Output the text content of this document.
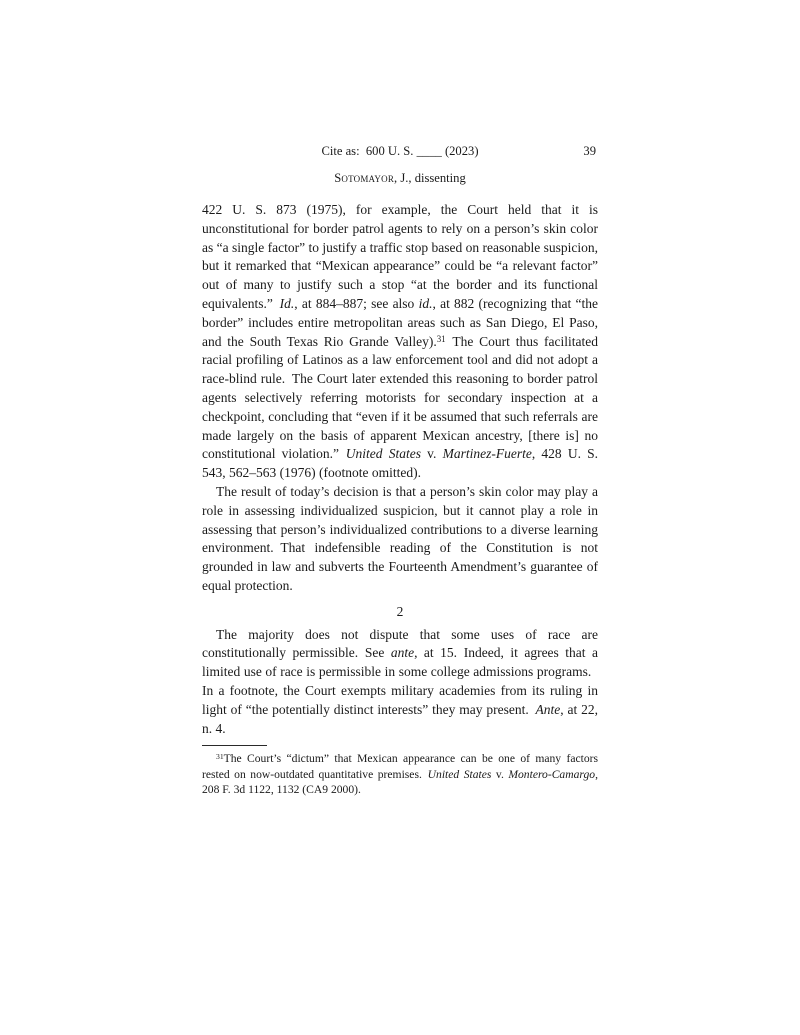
Cite as: 600 U. S. ____ (2023)	39
Sotomayor, J., dissenting

422 U. S. 873 (1975), for example, the Court held that it is unconstitutional for border patrol agents to rely on a person’s skin color as “a single factor” to justify a traffic stop based on reasonable suspicion, but it remarked that “Mexican appearance” could be “a relevant factor” out of many to justify such a stop “at the border and its functional equivalents.” Id., at 884–887; see also id., at 882 (recognizing that “the border” includes entire metropolitan areas such as San Diego, El Paso, and the South Texas Rio Grande Valley).$^{31}$ The Court thus facilitated racial profiling of Latinos as a law enforcement tool and did not adopt a race-blind rule. The Court later extended this reasoning to border patrol agents selectively referring motorists for secondary inspection at a checkpoint, concluding that “even if it be assumed that such referrals are made largely on the basis of apparent Mexican ancestry, [there is] no constitutional violation.” United States v. Martinez-Fuerte, 428 U. S. 543, 562–563 (1976) (footnote omitted).

The result of today’s decision is that a person’s skin color may play a role in assessing individualized suspicion, but it cannot play a role in assessing that person’s individualized contributions to a diverse learning environment. That indefensible reading of the Constitution is not grounded in law and subverts the Fourteenth Amendment’s guarantee of equal protection.

2

The majority does not dispute that some uses of race are constitutionally permissible. See ante, at 15. Indeed, it agrees that a limited use of race is permissible in some college admissions programs. In a footnote, the Court exempts military academies from its ruling in light of “the potentially distinct interests” they may present. Ante, at 22, n. 4.

$^{31}$The Court’s “dictum” that Mexican appearance can be one of many factors rested on now-outdated quantitative premises. United States v. Montero-Camargo, 208 F. 3d 1122, 1132 (CA9 2000).
